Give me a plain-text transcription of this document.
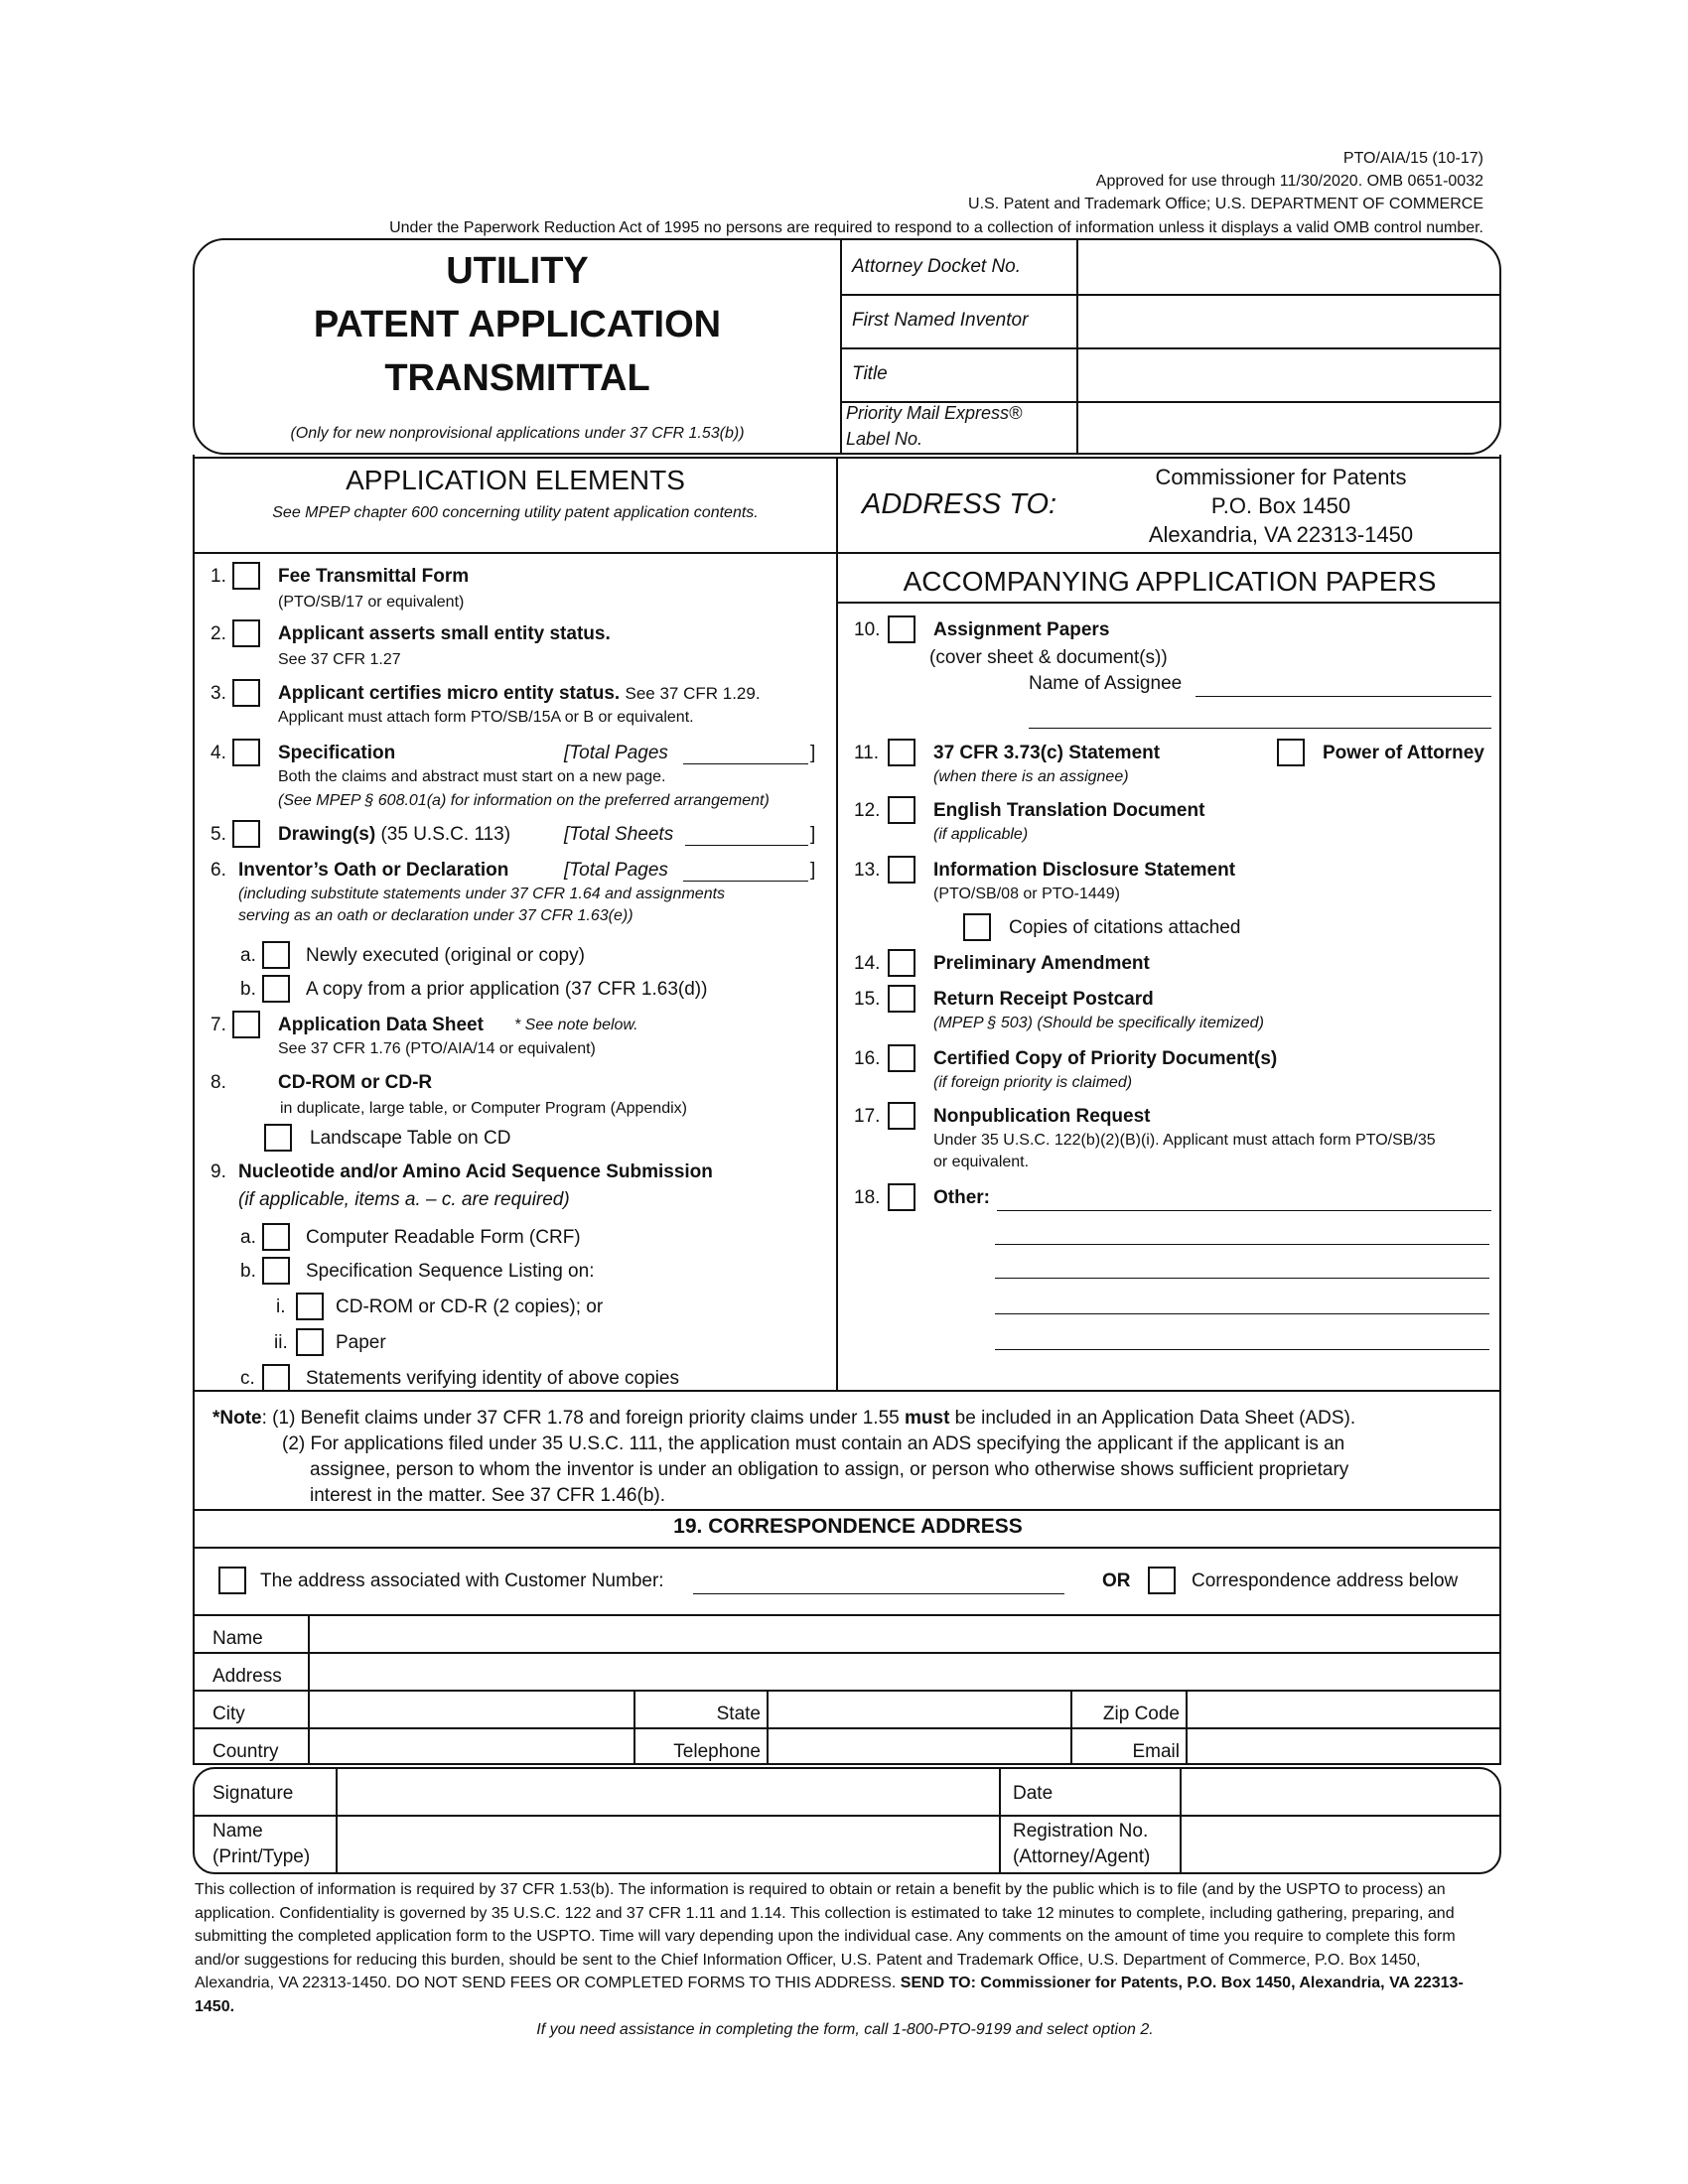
PTO/AIA/15 (10-17)
Approved for use through 11/30/2020. OMB 0651-0032
U.S. Patent and Trademark Office; U.S. DEPARTMENT OF COMMERCE
Under the Paperwork Reduction Act of 1995 no persons are required to respond to a collection of information unless it displays a valid OMB control number.
UTILITY
PATENT APPLICATION
TRANSMITTAL
(Only for new nonprovisional applications under 37 CFR 1.53(b))
Attorney Docket No.
First Named Inventor
Title
Priority Mail Express®
Label No.
APPLICATION ELEMENTS
See MPEP chapter 600 concerning utility patent application contents.	ADDRESS TO:
Commissioner for Patents
P.O. Box 1450
Alexandria, VA 22313-1450
ACCOMPANYING APPLICATION PAPERS
1.	Fee Transmittal Form
(PTO/SB/17 or equivalent)
2.	Applicant asserts small entity status.
See 37 CFR 1.27
3.	Applicant certifies micro entity status. See 37 CFR 1.29.
Applicant must attach form PTO/SB/15A or B or equivalent.
4.	Specification	[Total Pages	]
Both the claims and abstract must start on a new page.
(See MPEP § 608.01(a) for information on the preferred arrangement)
5.	Drawing(s) (35 U.S.C. 113)	[Total Sheets	]
6. Inventor’s Oath or Declaration	[Total Pages	]
(including substitute statements under 37 CFR 1.64 and assignments
serving as an oath or declaration under 37 CFR 1.63(e))
a.	Newly executed (original or copy)
b.	A copy from a prior application (37 CFR 1.63(d))
7.	Application Data Sheet * See note below.
See 37 CFR 1.76 (PTO/AIA/14 or equivalent)
8.	CD-ROM or CD-R
in duplicate, large table, or Computer Program (Appendix)
Landscape Table on CD
9. Nucleotide and/or Amino Acid Sequence Submission
(if applicable, items a. – c. are required)
a.	Computer Readable Form (CRF)
b.	Specification Sequence Listing on:
i.	CD-ROM or CD-R (2 copies); or
ii.	Paper
c.	Statements verifying identity of above copies
10.	Assignment Papers
(cover sheet & document(s))
Name of Assignee
11.	37 CFR 3.73(c) Statement
(when there is an assignee)
Power of Attorney
12.	English Translation Document
(if applicable)
13.	Information Disclosure Statement
(PTO/SB/08 or PTO-1449)
Copies of citations attached
14.	Preliminary Amendment
15.	Return Receipt Postcard
(MPEP § 503) (Should be specifically itemized)
16.	Certified Copy of Priority Document(s)
(if foreign priority is claimed)
17.	Nonpublication Request
Under 35 U.S.C. 122(b)(2)(B)(i). Applicant must attach form PTO/SB/35
or equivalent.
18.	Other:
*Note: (1) Benefit claims under 37 CFR 1.78 and foreign priority claims under 1.55 must be included in an Application Data Sheet (ADS).
(2) For applications filed under 35 U.S.C. 111, the application must contain an ADS specifying the applicant if the applicant is an
assignee, person to whom the inventor is under an obligation to assign, or person who otherwise shows sufficient proprietary
interest in the matter. See 37 CFR 1.46(b).
19. CORRESPONDENCE ADDRESS
The address associated with Customer Number:	OR	Correspondence address below
Name
Address
City	State	Zip Code
Country	Telephone	Email
Signature	Date
Name
(Print/Type)
Registration No.
(Attorney/Agent)
This collection of information is required by 37 CFR 1.53(b). The information is required to obtain or retain a benefit by the public which is to file (and by the USPTO to process) an application. Confidentiality is governed by 35 U.S.C. 122 and 37 CFR 1.11 and 1.14. This collection is estimated to take 12 minutes to complete, including gathering, preparing, and submitting the completed application form to the USPTO. Time will vary depending upon the individual case. Any comments on the amount of time you require to complete this form and/or suggestions for reducing this burden, should be sent to the Chief Information Officer, U.S. Patent and Trademark Office, U.S. Department of Commerce, P.O. Box 1450, Alexandria, VA 22313-1450. DO NOT SEND FEES OR COMPLETED FORMS TO THIS ADDRESS. SEND TO: Commissioner for Patents, P.O. Box 1450, Alexandria, VA 22313-1450.
If you need assistance in completing the form, call 1-800-PTO-9199 and select option 2.
